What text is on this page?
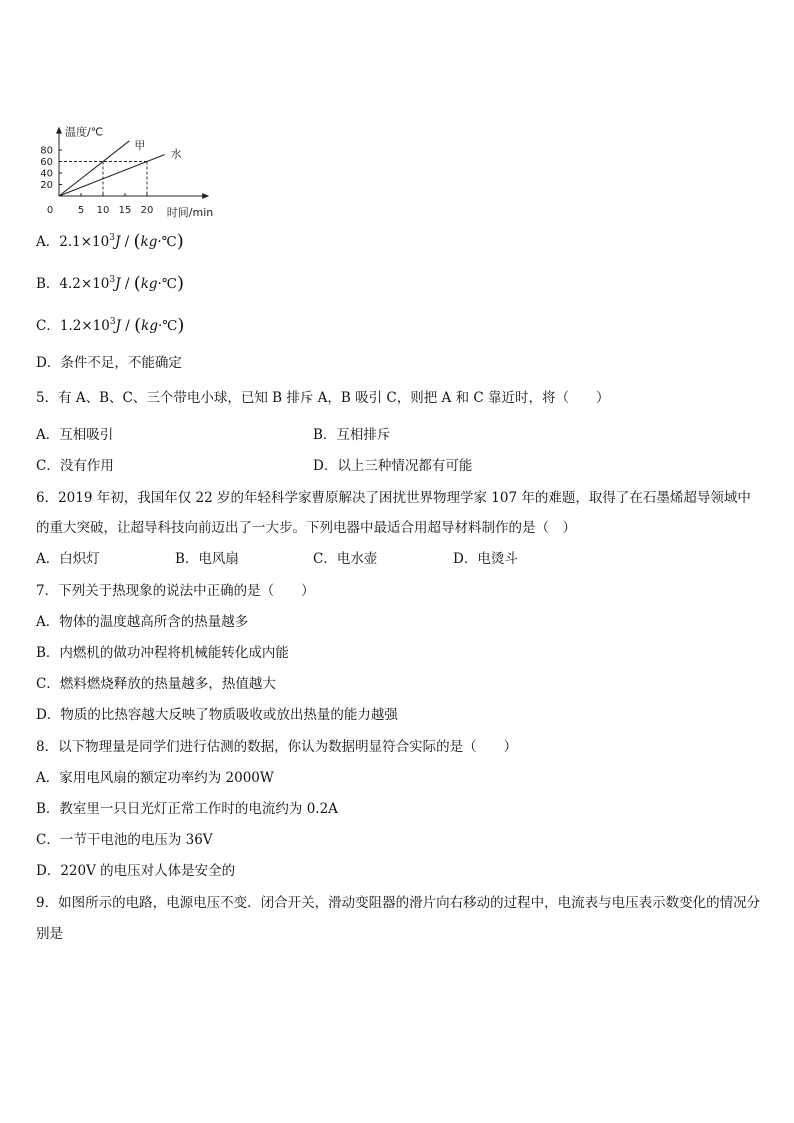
80
60
40
20
0 5 10 15 20
温度/℃
时间/min
甲
水
A．$2.1\times 10^3J$ / (kg·℃)
B．$4.2\times 10^3J$ / (kg·℃)
C．$1.2\times 10^3J$ / (kg·℃)
D．条件不足，不能确定
5．有 A、B、C、三个带电小球，已知 B 排斥 A，B 吸引 C，则把 A 和 C 靠近时，将（　　）
A．互相吸引	B．互相排斥
C．没有作用	D．以上三种情况都有可能
6．2019 年初，我国年仅 22 岁的年轻科学家曹原解决了困扰世界物理学家 107 年的难题，取得了在石墨烯超导领域中
的重大突破，让超导科技向前迈出了一大步。下列电器中最适合用超导材料制作的是（　）
A．白炽灯	B．电风扇	C．电水壶	D．电烫斗
7．下列关于热现象的说法中正确的是（　　）
A．物体的温度越高所含的热量越多
B．内燃机的做功冲程将机械能转化成内能
C．燃料燃烧释放的热量越多，热值越大
D．物质的比热容越大反映了物质吸收或放出热量的能力越强
8．以下物理量是同学们进行估测的数据，你认为数据明显符合实际的是（　　）
A．家用电风扇的额定功率约为 2000W
B．教室里一只日光灯正常工作时的电流约为 0.2A
C．一节干电池的电压为 36V
D．220V 的电压对人体是安全的
9．如图所示的电路，电源电压不变．闭合开关，滑动变阻器的滑片向右移动的过程中，电流表与电压表示数变化的情况分别是
